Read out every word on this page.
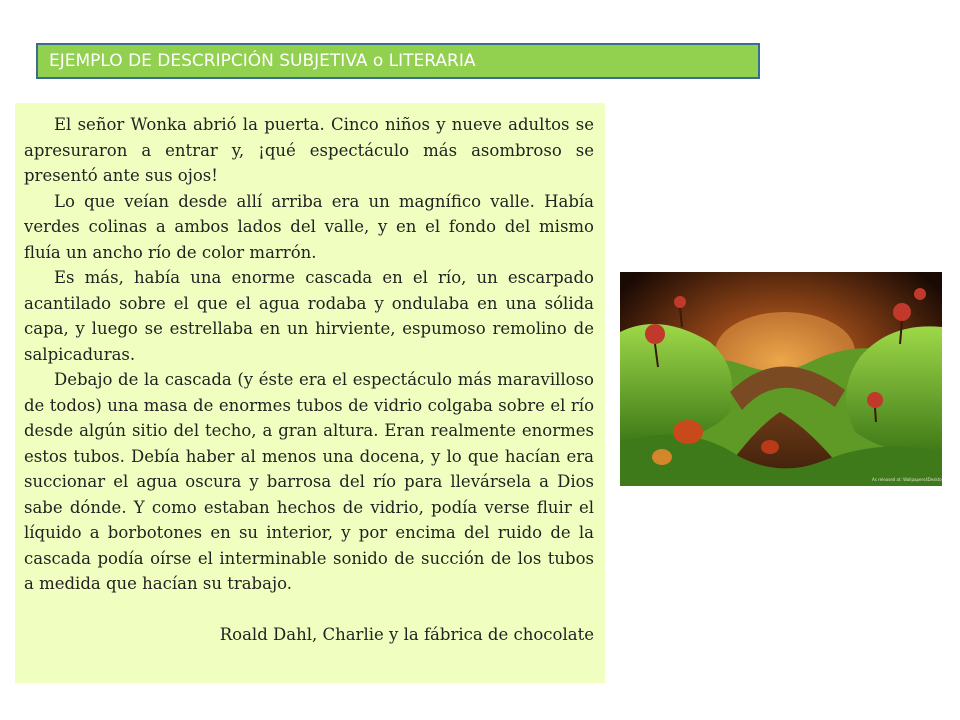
EJEMPLO DE DESCRIPCIÓN SUBJETIVA o LITERARIA

El señor Wonka abrió la puerta. Cinco niños y nueve adultos se apresuraron a entrar y, ¡qué espectáculo más asombroso se presentó ante sus ojos!

Lo que veían desde allí arriba era un magnífico valle. Había verdes colinas a ambos lados del valle, y en el fondo del mismo fluía un ancho río de color marrón.

Es más, había una enorme cascada en el río, un escarpado acantilado sobre el que el agua rodaba y ondulaba en una sólida capa, y luego se estrellaba en un hirviente, espumoso remolino de salpicaduras.

Debajo de la cascada (y éste era el espectáculo más maravilloso de todos) una masa de enormes tubos de vidrio colgaba sobre el río desde algún sitio del techo, a gran altura. Eran realmente enormes estos tubos. Debía haber al menos una docena, y lo que hacían era succionar el agua oscura y barrosa del río para llevársela a Dios sabe dónde. Y como estaban hechos de vidrio, podía verse fluir el líquido a borbotones en su interior, y por encima del ruido de la cascada podía oírse el interminable sonido de succión de los tubos a medida que hacían su trabajo.

Roald Dahl, Charlie y la fábrica de chocolate

As released at: Wallpapers4Desktops.com
